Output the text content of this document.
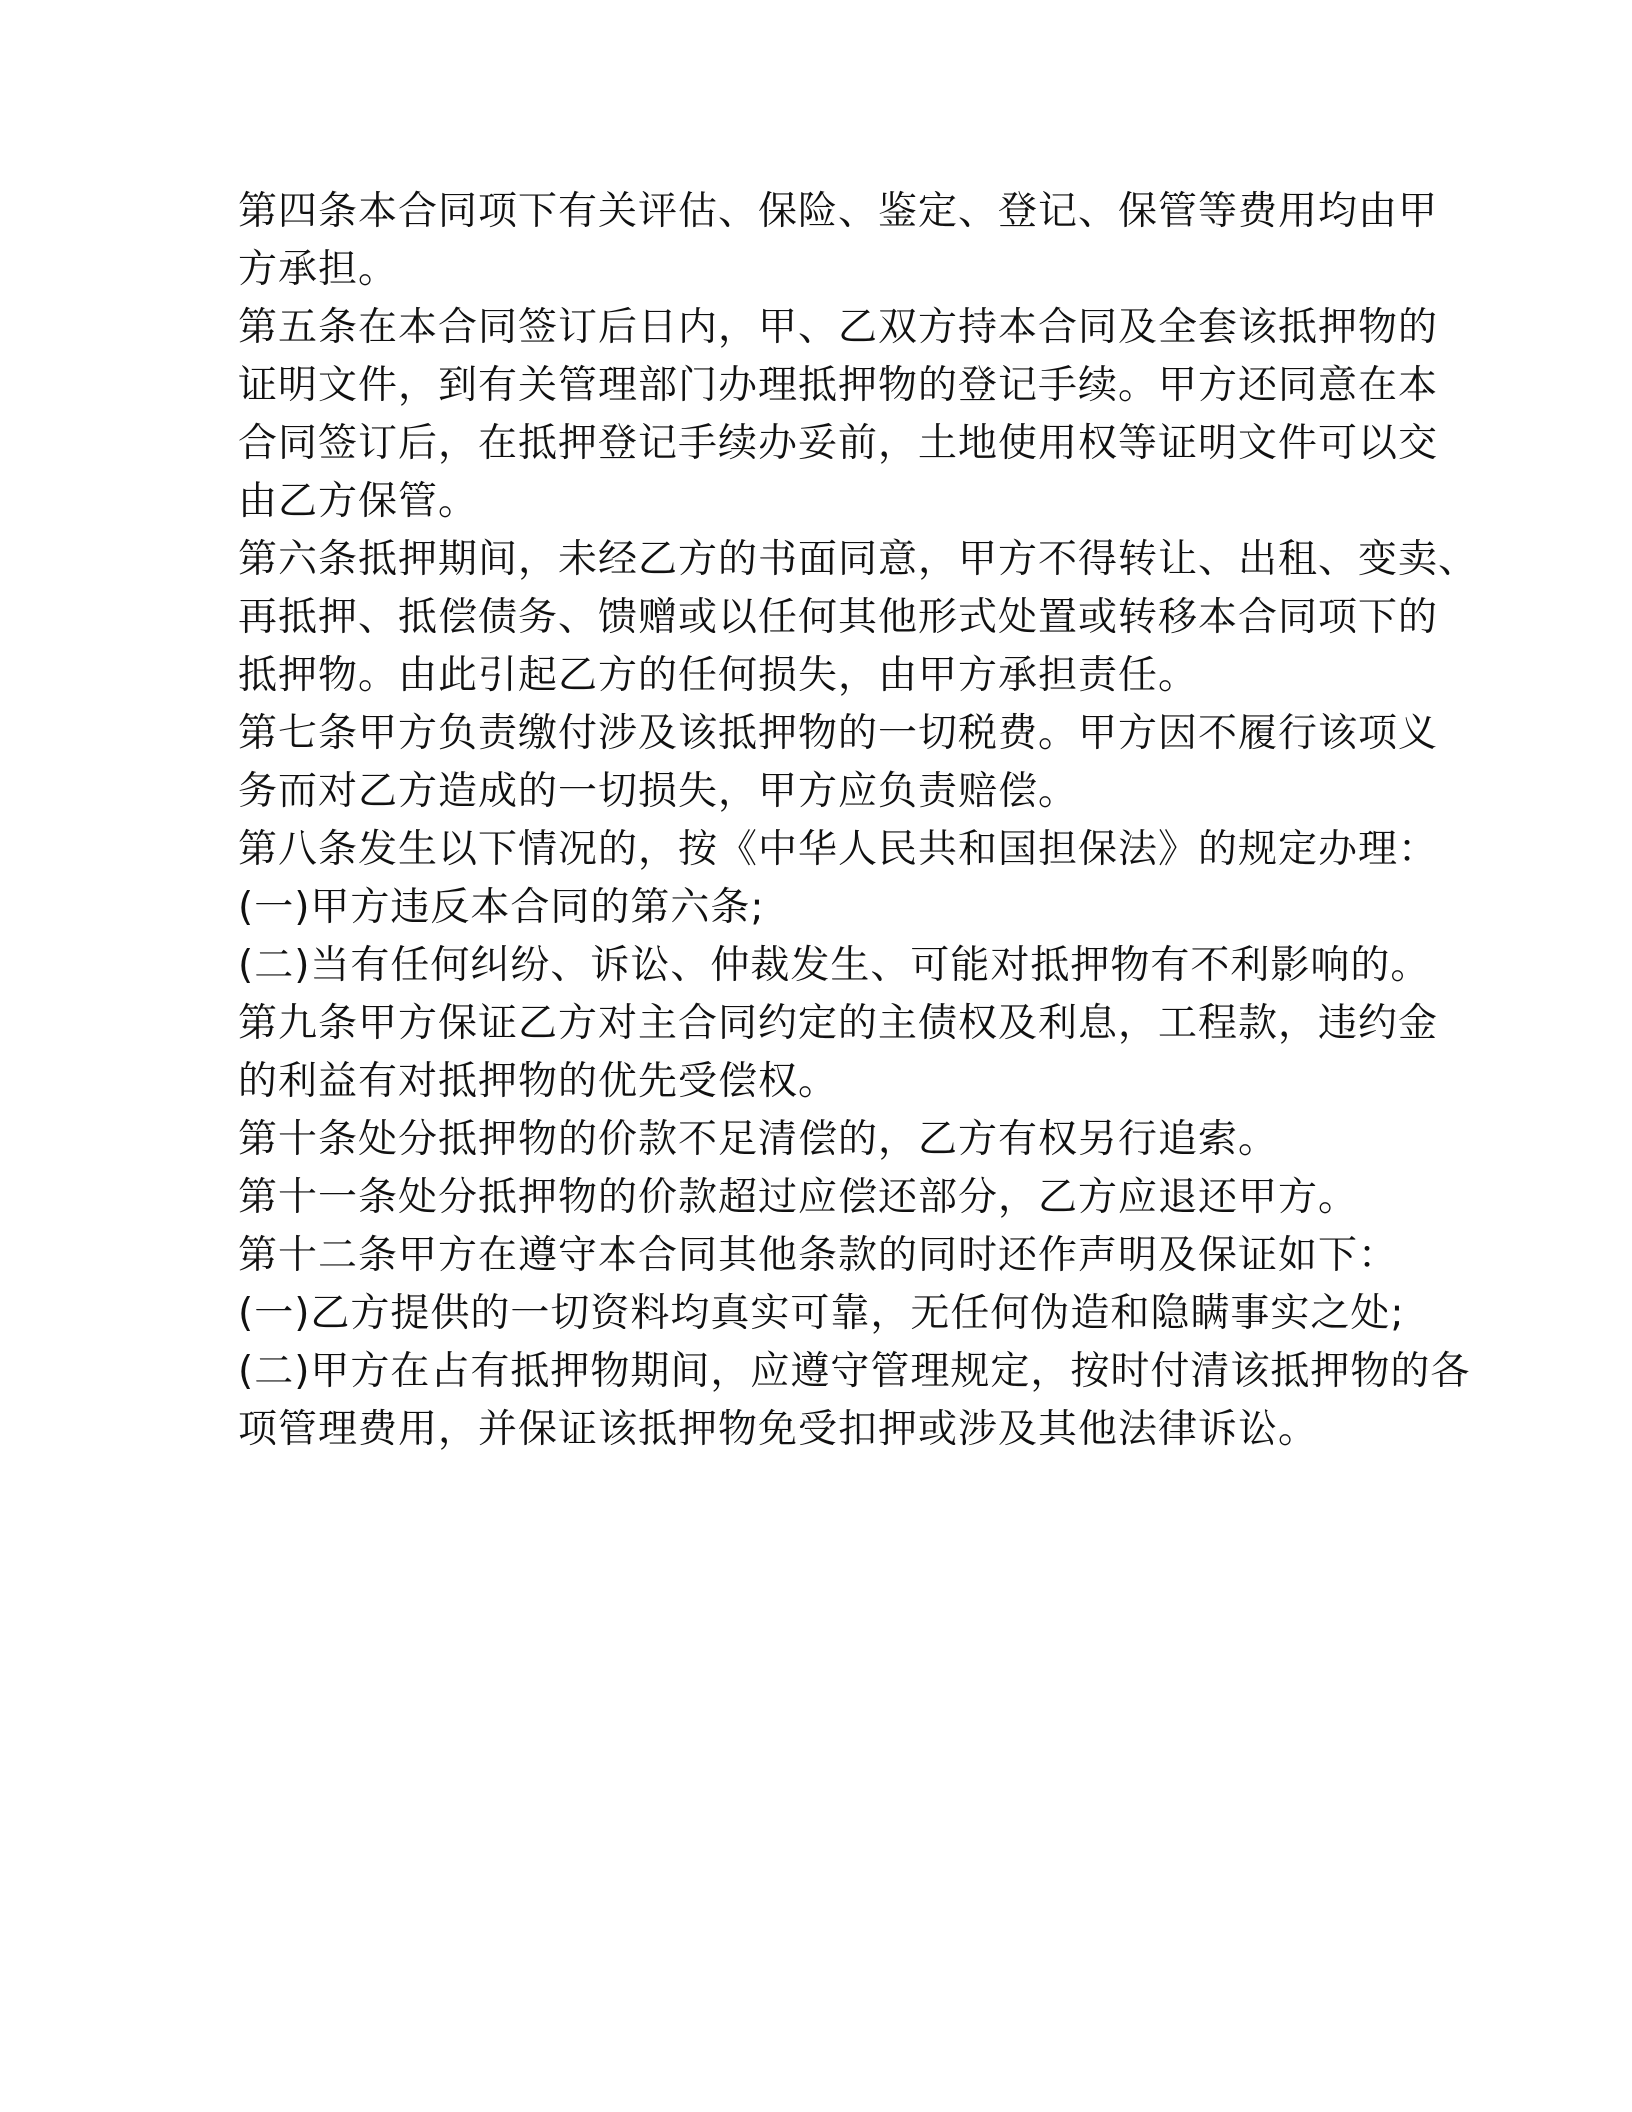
第四条本合同项下有关评估、保险、鉴定、登记、保管等费用均由甲
方承担。
第五条在本合同签订后日内，甲、乙双方持本合同及全套该抵押物的
证明文件，到有关管理部门办理抵押物的登记手续。甲方还同意在本
合同签订后，在抵押登记手续办妥前，土地使用权等证明文件可以交
由乙方保管。
第六条抵押期间，未经乙方的书面同意，甲方不得转让、出租、变卖、
再抵押、抵偿债务、馈赠或以任何其他形式处置或转移本合同项下的
抵押物。由此引起乙方的任何损失，由甲方承担责任。
第七条甲方负责缴付涉及该抵押物的一切税费。甲方因不履行该项义
务而对乙方造成的一切损失，甲方应负责赔偿。
第八条发生以下情况的，按《中华人民共和国担保法》的规定办理：
(一)甲方违反本合同的第六条;
(二)当有任何纠纷、诉讼、仲裁发生、可能对抵押物有不利影响的。
第九条甲方保证乙方对主合同约定的主债权及利息，工程款，违约金
的利益有对抵押物的优先受偿权。
第十条处分抵押物的价款不足清偿的，乙方有权另行追索。
第十一条处分抵押物的价款超过应偿还部分，乙方应退还甲方。
第十二条甲方在遵守本合同其他条款的同时还作声明及保证如下：
(一)乙方提供的一切资料均真实可靠，无任何伪造和隐瞒事实之处;
(二)甲方在占有抵押物期间，应遵守管理规定，按时付清该抵押物的各
项管理费用，并保证该抵押物免受扣押或涉及其他法律诉讼。
